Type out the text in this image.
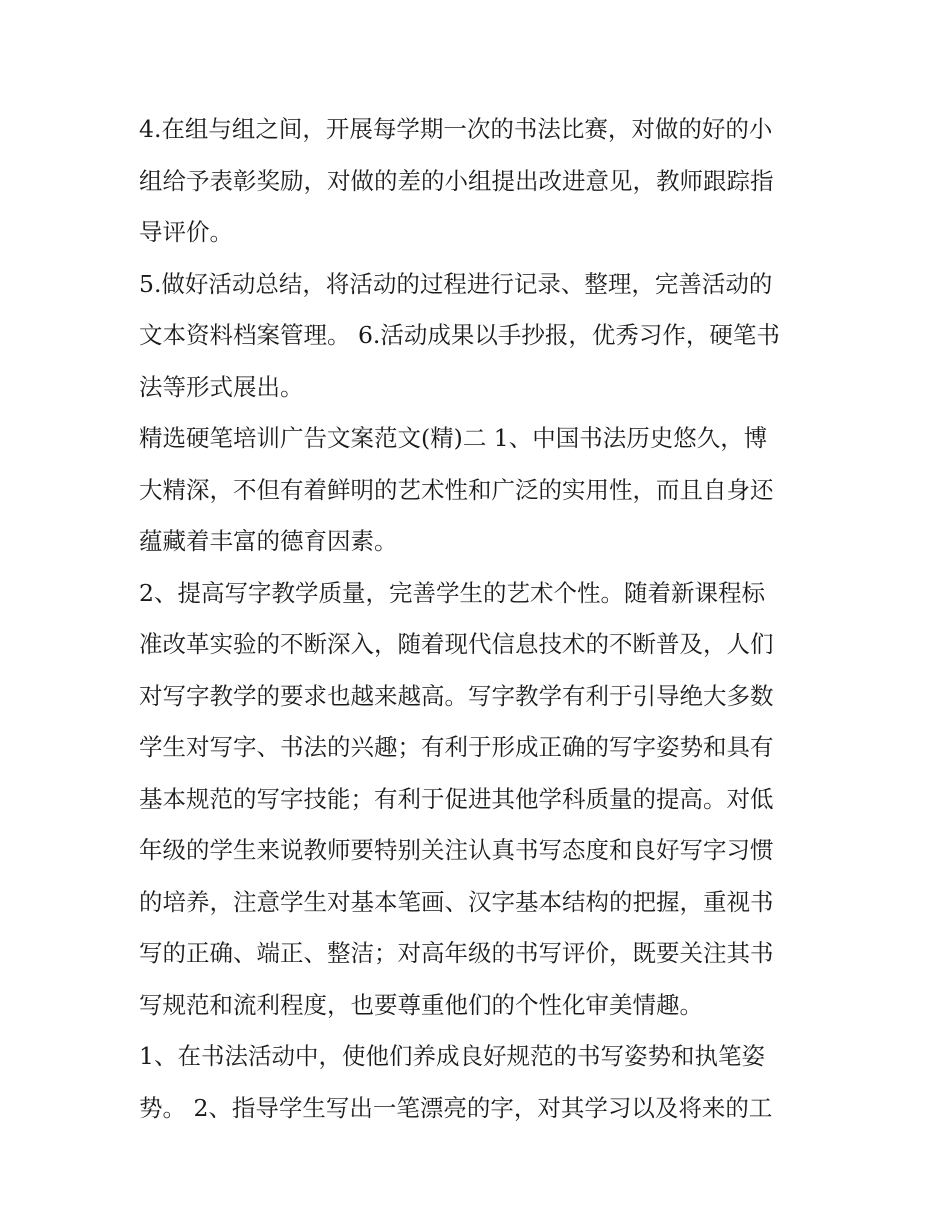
4.在组与组之间，开展每学期一次的书法比赛，对做的好的小
组给予表彰奖励，对做的差的小组提出改进意见，教师跟踪指
导评价。

5.做好活动总结，将活动的过程进行记录、整理，完善活动的
文本资料档案管理。 6.活动成果以手抄报，优秀习作，硬笔书
法等形式展出。

精选硬笔培训广告文案范文(精)二 1、中国书法历史悠久，博
大精深，不但有着鲜明的艺术性和广泛的实用性，而且自身还
蕴藏着丰富的德育因素。

2、提高写字教学质量，完善学生的艺术个性。随着新课程标
准改革实验的不断深入，随着现代信息技术的不断普及，人们
对写字教学的要求也越来越高。写字教学有利于引导绝大多数
学生对写字、书法的兴趣；有利于形成正确的写字姿势和具有
基本规范的写字技能；有利于促进其他学科质量的提高。对低
年级的学生来说教师要特别关注认真书写态度和良好写字习惯
的培养，注意学生对基本笔画、汉字基本结构的把握，重视书
写的正确、端正、整洁；对高年级的书写评价，既要关注其书
写规范和流利程度，也要尊重他们的个性化审美情趣。

1、在书法活动中，使他们养成良好规范的书写姿势和执笔姿
势。 2、指导学生写出一笔漂亮的字，对其学习以及将来的工
